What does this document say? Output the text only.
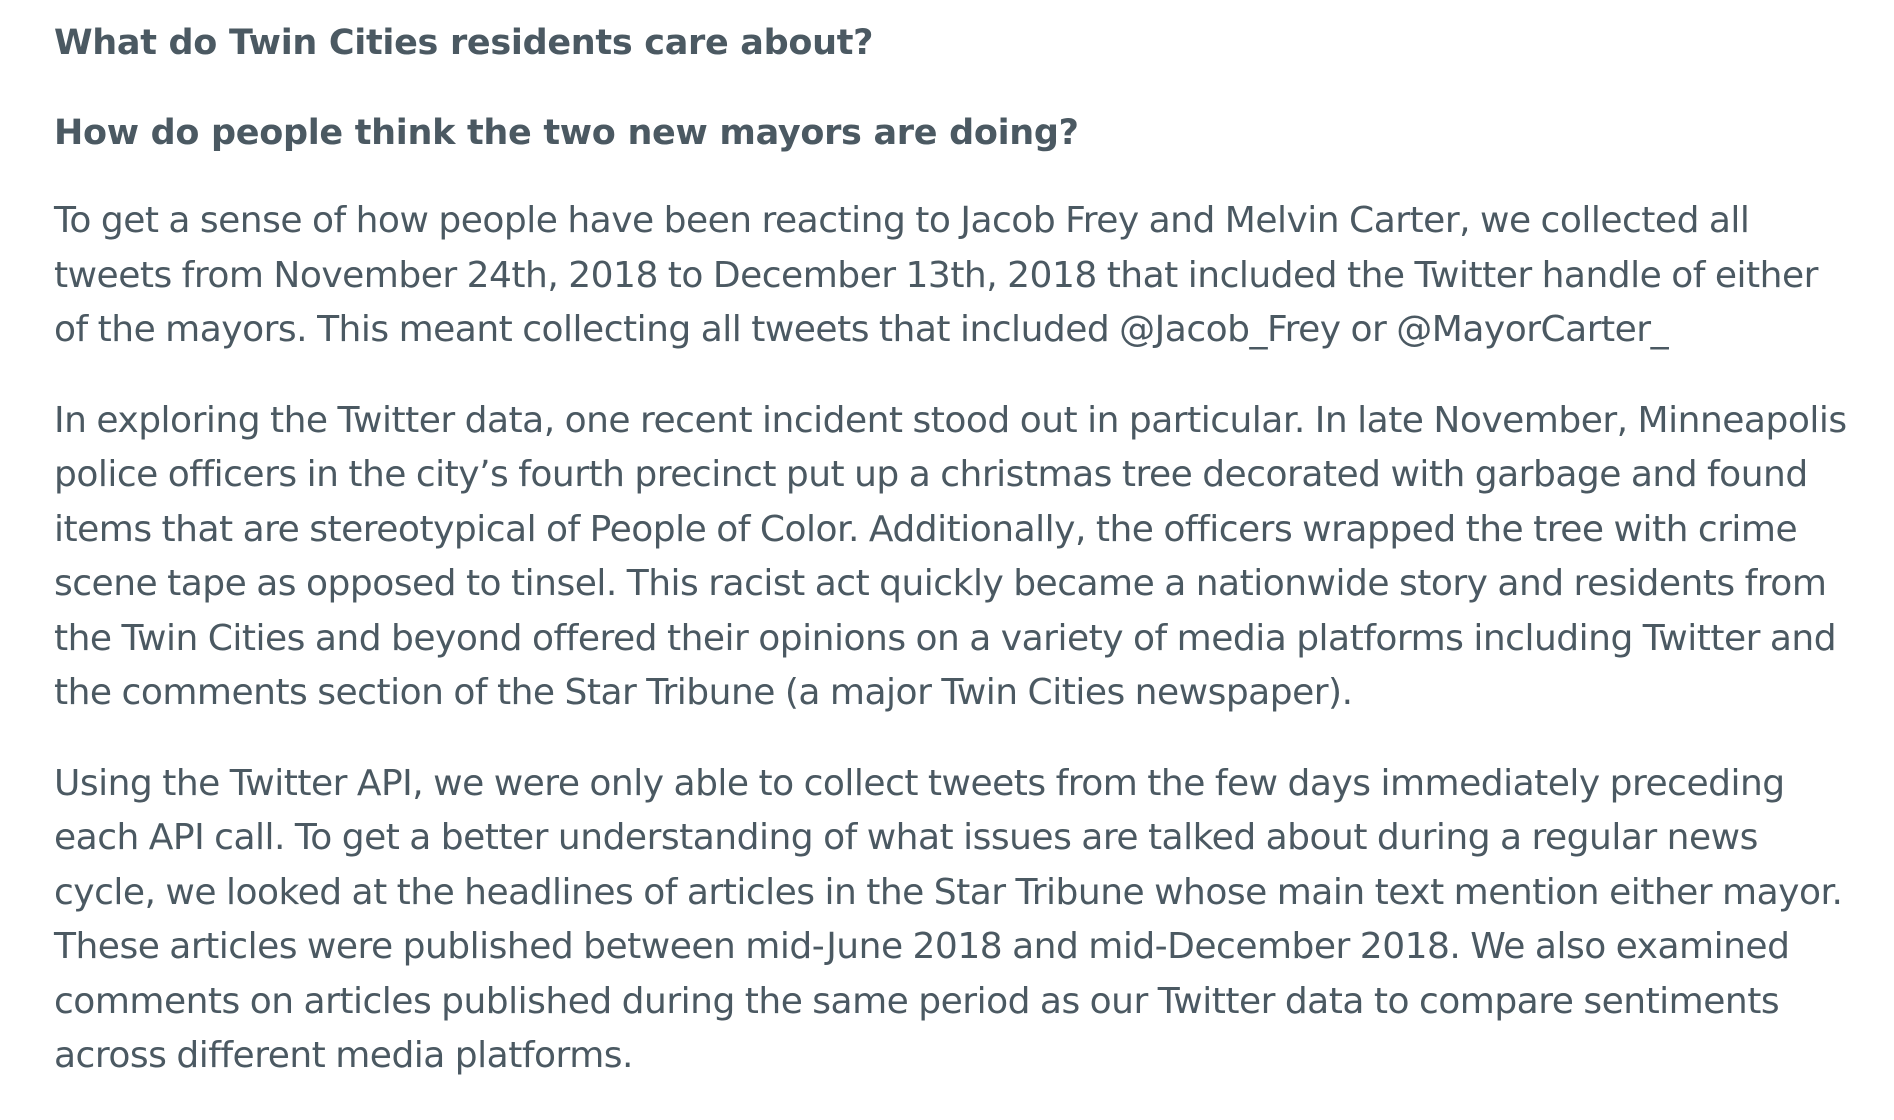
What do Twin Cities residents care about?

How do people think the two new mayors are doing?

To get a sense of how people have been reacting to Jacob Frey and Melvin Carter, we collected all tweets from November 24th, 2018 to December 13th, 2018 that included the Twitter handle of either of the mayors. This meant collecting all tweets that included @Jacob_Frey or @MayorCarter_

In exploring the Twitter data, one recent incident stood out in particular. In late November, Minneapolis police officers in the city’s fourth precinct put up a christmas tree decorated with garbage and found items that are stereotypical of People of Color. Additionally, the officers wrapped the tree with crime scene tape as opposed to tinsel. This racist act quickly became a nationwide story and residents from the Twin Cities and beyond offered their opinions on a variety of media platforms including Twitter and the comments section of the Star Tribune (a major Twin Cities newspaper).

Using the Twitter API, we were only able to collect tweets from the few days immediately preceding each API call. To get a better understanding of what issues are talked about during a regular news cycle, we looked at the headlines of articles in the Star Tribune whose main text mention either mayor. These articles were published between mid-June 2018 and mid-December 2018. We also examined comments on articles published during the same period as our Twitter data to compare sentiments across different media platforms.
